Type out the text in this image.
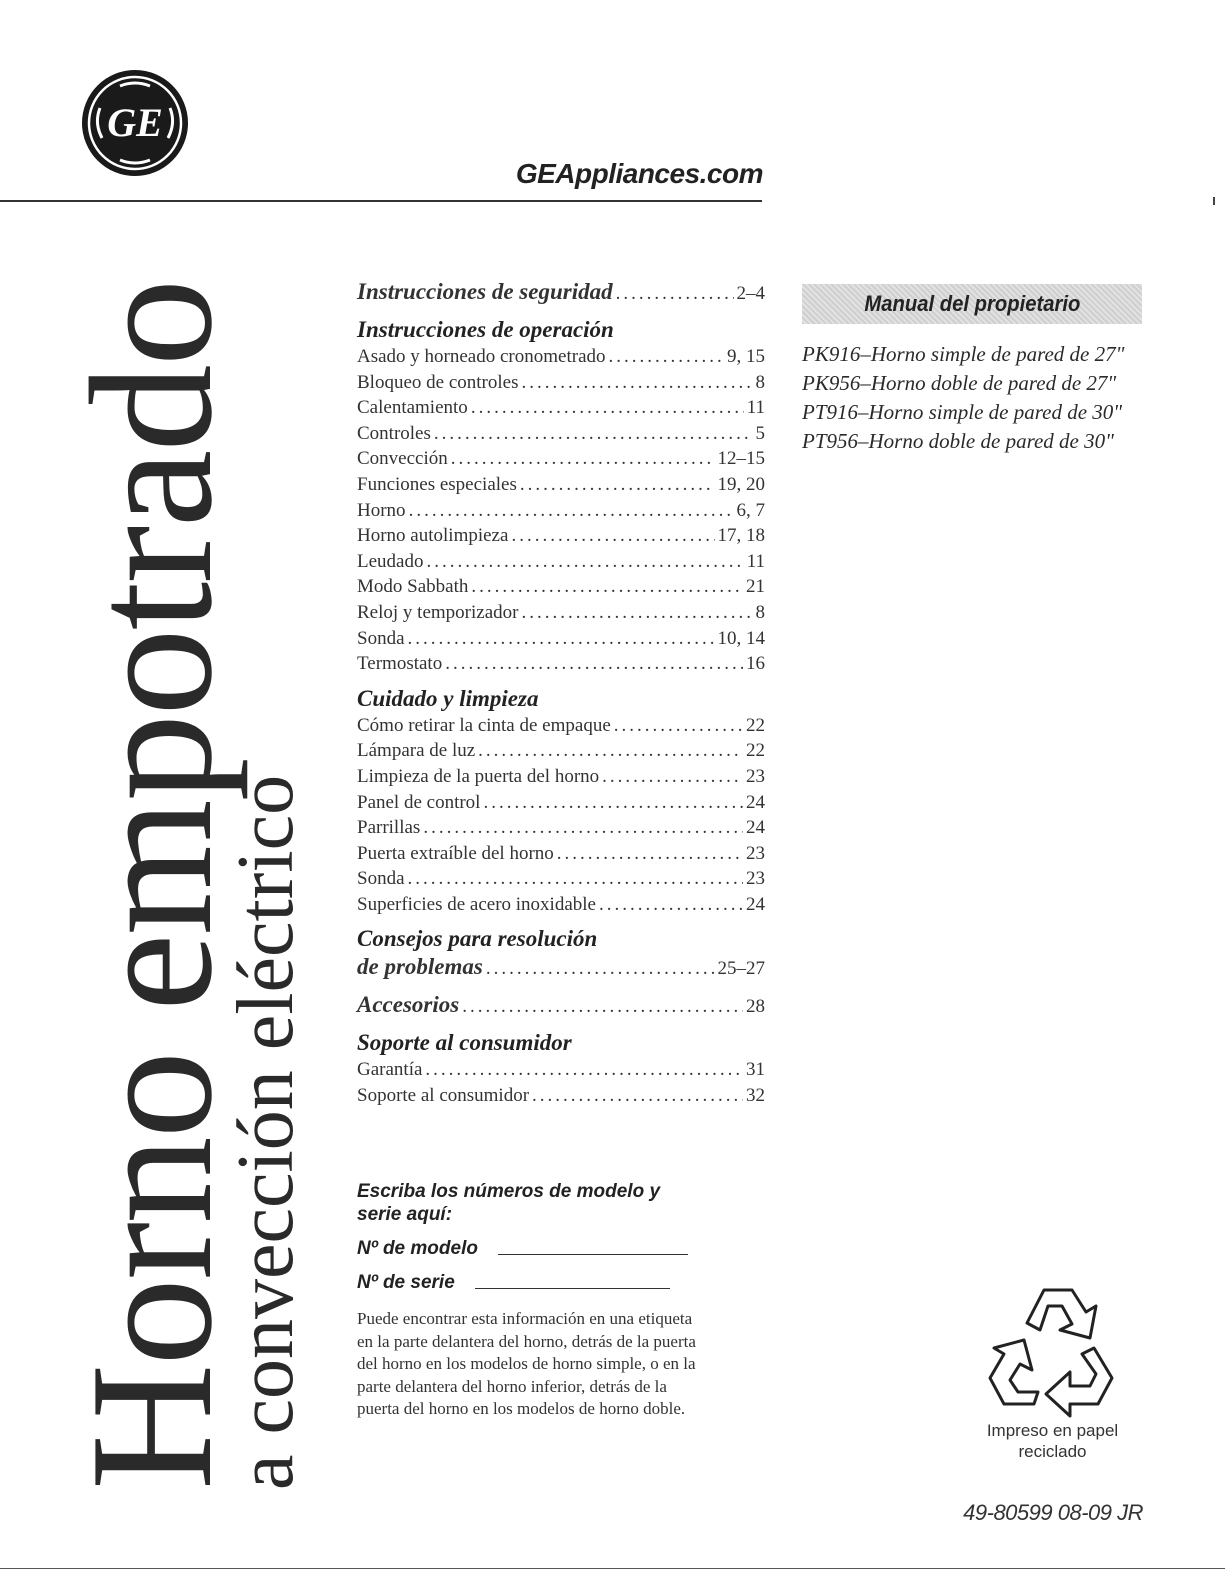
GE
GEAppliances.com
Horno empotrado
a convección eléctrico
Instrucciones de seguridad .....	2–4
Instrucciones de operación
Asado y horneado cronometrado .....	9, 15
Bloqueo de controles .....	8
Calentamiento .....	11
Controles .....	5
Convección .....	12–15
Funciones especiales .....	19, 20
Horno .....	6, 7
Horno autolimpieza .....	17, 18
Leudado .....	11
Modo Sabbath .....	21
Reloj y temporizador .....	8
Sonda .....	10, 14
Termostato .....	16
Cuidado y limpieza
Cómo retirar la cinta de empaque .....	22
Lámpara de luz .....	22
Limpieza de la puerta del horno .....	23
Panel de control .....	24
Parrillas .....	24
Puerta extraíble del horno .....	23
Sonda .....	23
Superficies de acero inoxidable .....	24
Consejos para resolución
de problemas .....	25–27
Accesorios .....	28
Soporte al consumidor
Garantía .....	31
Soporte al consumidor .....	32
Manual del propietario
PK916–Horno simple de pared de 27"
PK956–Horno doble de pared de 27"
PT916–Horno simple de pared de 30"
PT956–Horno doble de pared de 30"
Escriba los números de modelo y serie aquí:
Nº de modelo
Nº de serie
Puede encontrar esta información en una etiqueta en la parte delantera del horno, detrás de la puerta del horno en los modelos de horno simple, o en la parte delantera del horno inferior, detrás de la puerta del horno en los modelos de horno doble.
Impreso en papel reciclado
49-80599 08-09 JR
